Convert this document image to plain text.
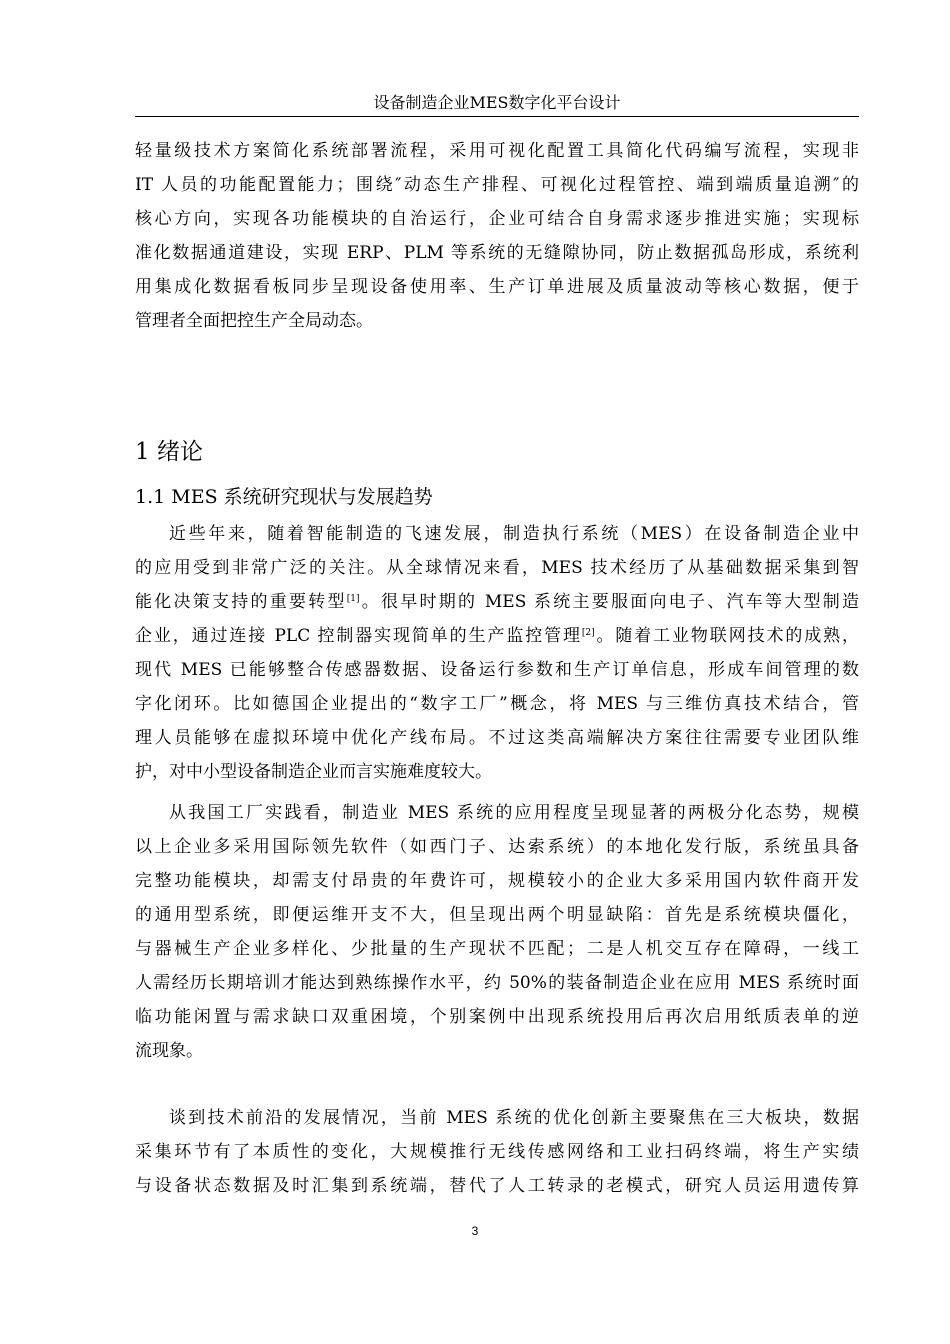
设备制造企业MES数字化平台设计
轻量级技术方案简化系统部署流程，采用可视化配置工具简化代码编写流程，实现非
IT 人员的功能配置能力；围绕″动态生产排程、可视化过程管控、端到端质量追溯″的
核心方向，实现各功能模块的自治运行，企业可结合自身需求逐步推进实施；实现标
准化数据通道建设，实现 ERP、PLM 等系统的无缝隙协同，防止数据孤岛形成，系统利
用集成化数据看板同步呈现设备使用率、生产订单进展及质量波动等核心数据，便于
管理者全面把控生产全局动态。
1 绪论
1.1 MES 系统研究现状与发展趋势
近些年来，随着智能制造的飞速发展，制造执行系统（MES）在设备制造企业中
的应用受到非常广泛的关注。从全球情况来看，MES 技术经历了从基础数据采集到智
能化决策支持的重要转型[1]。很早时期的 MES 系统主要服面向电子、汽车等大型制造
企业，通过连接 PLC 控制器实现简单的生产监控管理[2]。随着工业物联网技术的成熟，
现代 MES 已能够整合传感器数据、设备运行参数和生产订单信息，形成车间管理的数
字化闭环。比如德国企业提出的“数字工厂”概念，将 MES 与三维仿真技术结合，管
理人员能够在虚拟环境中优化产线布局。不过这类高端解决方案往往需要专业团队维
护，对中小型设备制造企业而言实施难度较大。
从我国工厂实践看，制造业 MES 系统的应用程度呈现显著的两极分化态势，规模
以上企业多采用国际领先软件（如西门子、达索系统）的本地化发行版，系统虽具备
完整功能模块，却需支付昂贵的年费许可，规模较小的企业大多采用国内软件商开发
的通用型系统，即便运维开支不大，但呈现出两个明显缺陷：首先是系统模块僵化，
与器械生产企业多样化、少批量的生产现状不匹配；二是人机交互存在障碍，一线工
人需经历长期培训才能达到熟练操作水平，约 50%的装备制造企业在应用 MES 系统时面
临功能闲置与需求缺口双重困境，个别案例中出现系统投用后再次启用纸质表单的逆
流现象。
谈到技术前沿的发展情况，当前 MES 系统的优化创新主要聚焦在三大板块，数据
采集环节有了本质性的变化，大规模推行无线传感网络和工业扫码终端，将生产实绩
与设备状态数据及时汇集到系统端，替代了人工转录的老模式，研究人员运用遗传算
3
